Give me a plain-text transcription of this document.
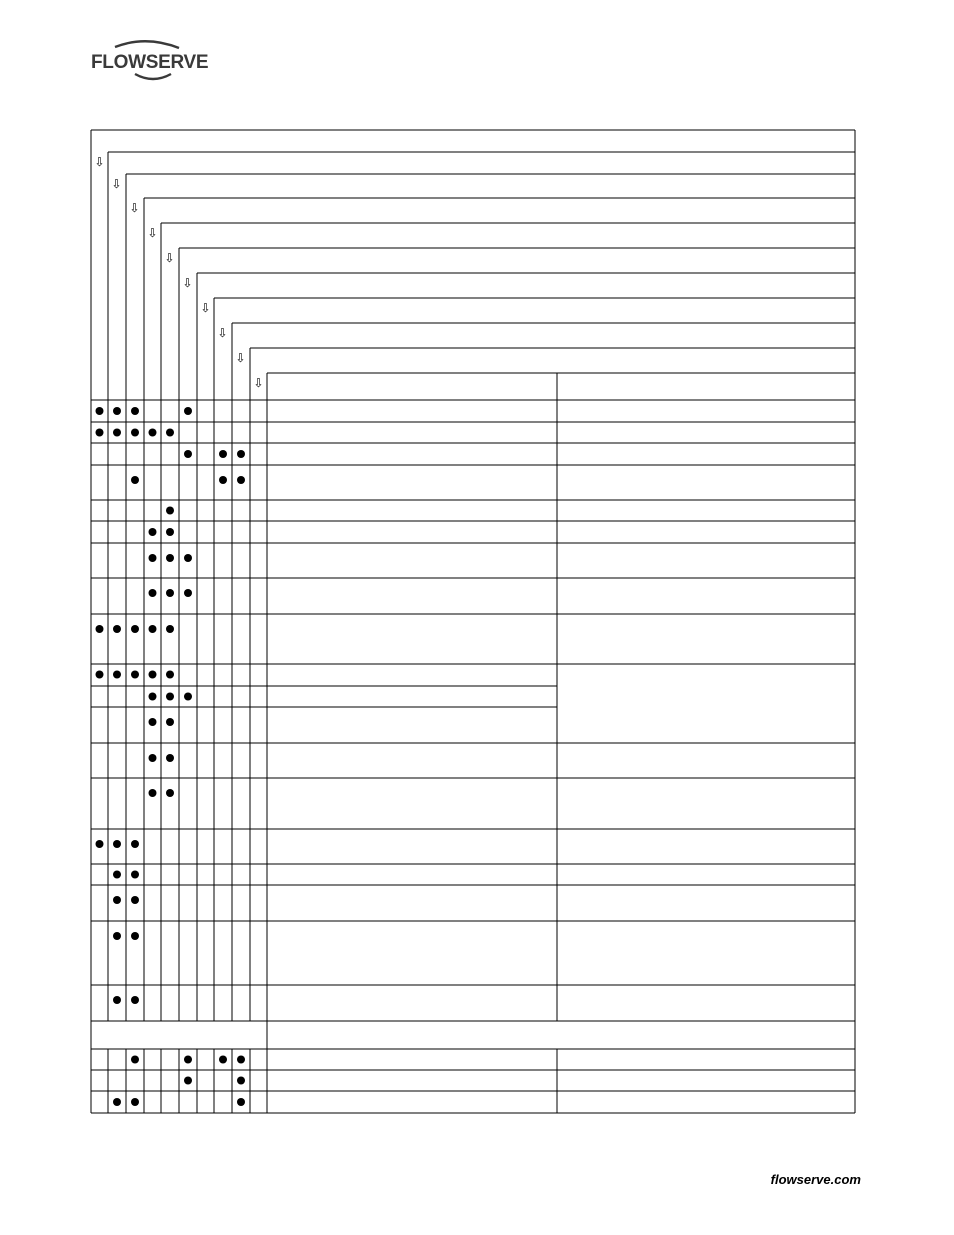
FLOWSERVE
⇩
⇩
⇩
⇩
⇩
⇩
⇩
⇩
⇩
⇩
flowserve.com
